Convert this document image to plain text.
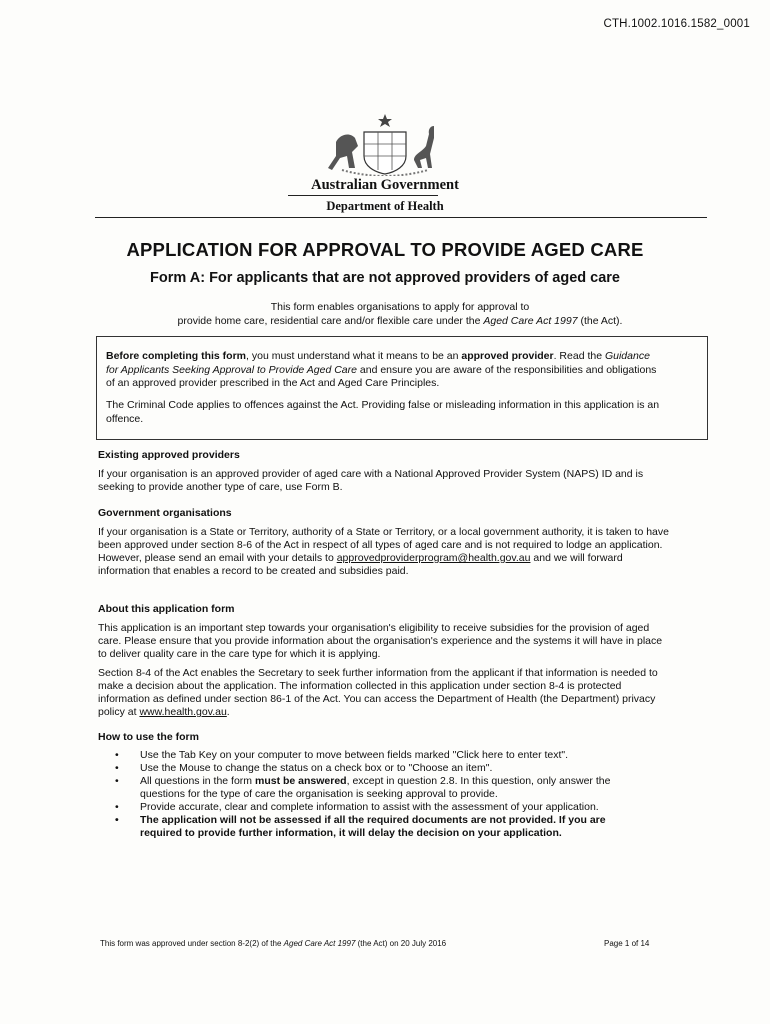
CTH.1002.1016.1582_0001
Australian Government
Department of Health
APPLICATION FOR APPROVAL TO PROVIDE AGED CARE
Form A: For applicants that are not approved providers of aged care
This form enables organisations to apply for approval to
provide home care, residential care and/or flexible care under the Aged Care Act 1997 (the Act).
Before completing this form, you must understand what it means to be an approved provider. Read the Guidance for Applicants Seeking Approval to Provide Aged Care and ensure you are aware of the responsibilities and obligations of an approved provider prescribed in the Act and Aged Care Principles.
The Criminal Code applies to offences against the Act. Providing false or misleading information in this application is an offence.
Existing approved providers
If your organisation is an approved provider of aged care with a National Approved Provider System (NAPS) ID and is seeking to provide another type of care, use Form B.
Government organisations
If your organisation is a State or Territory, authority of a State or Territory, or a local government authority, it is taken to have been approved under section 8-6 of the Act in respect of all types of aged care and is not required to lodge an application. However, please send an email with your details to approvedproviderprogram@health.gov.au and we will forward information that enables a record to be created and subsidies paid.
About this application form
This application is an important step towards your organisation's eligibility to receive subsidies for the provision of aged care. Please ensure that you provide information about the organisation's experience and the systems it will have in place to deliver quality care in the care type for which it is applying.
Section 8-4 of the Act enables the Secretary to seek further information from the applicant if that information is needed to make a decision about the application. The information collected in this application under section 8-4 is protected information as defined under section 86-1 of the Act. You can access the Department of Health (the Department) privacy policy at www.health.gov.au.
How to use the form
• Use the Tab Key on your computer to move between fields marked "Click here to enter text".
• Use the Mouse to change the status on a check box or to "Choose an item".
• All questions in the form must be answered, except in question 2.8. In this question, only answer the questions for the type of care the organisation is seeking approval to provide.
• Provide accurate, clear and complete information to assist with the assessment of your application.
• The application will not be assessed if all the required documents are not provided. If you are required to provide further information, it will delay the decision on your application.
This form was approved under section 8-2(2) of the Aged Care Act 1997 (the Act) on 20 July 2016	Page 1 of 14
